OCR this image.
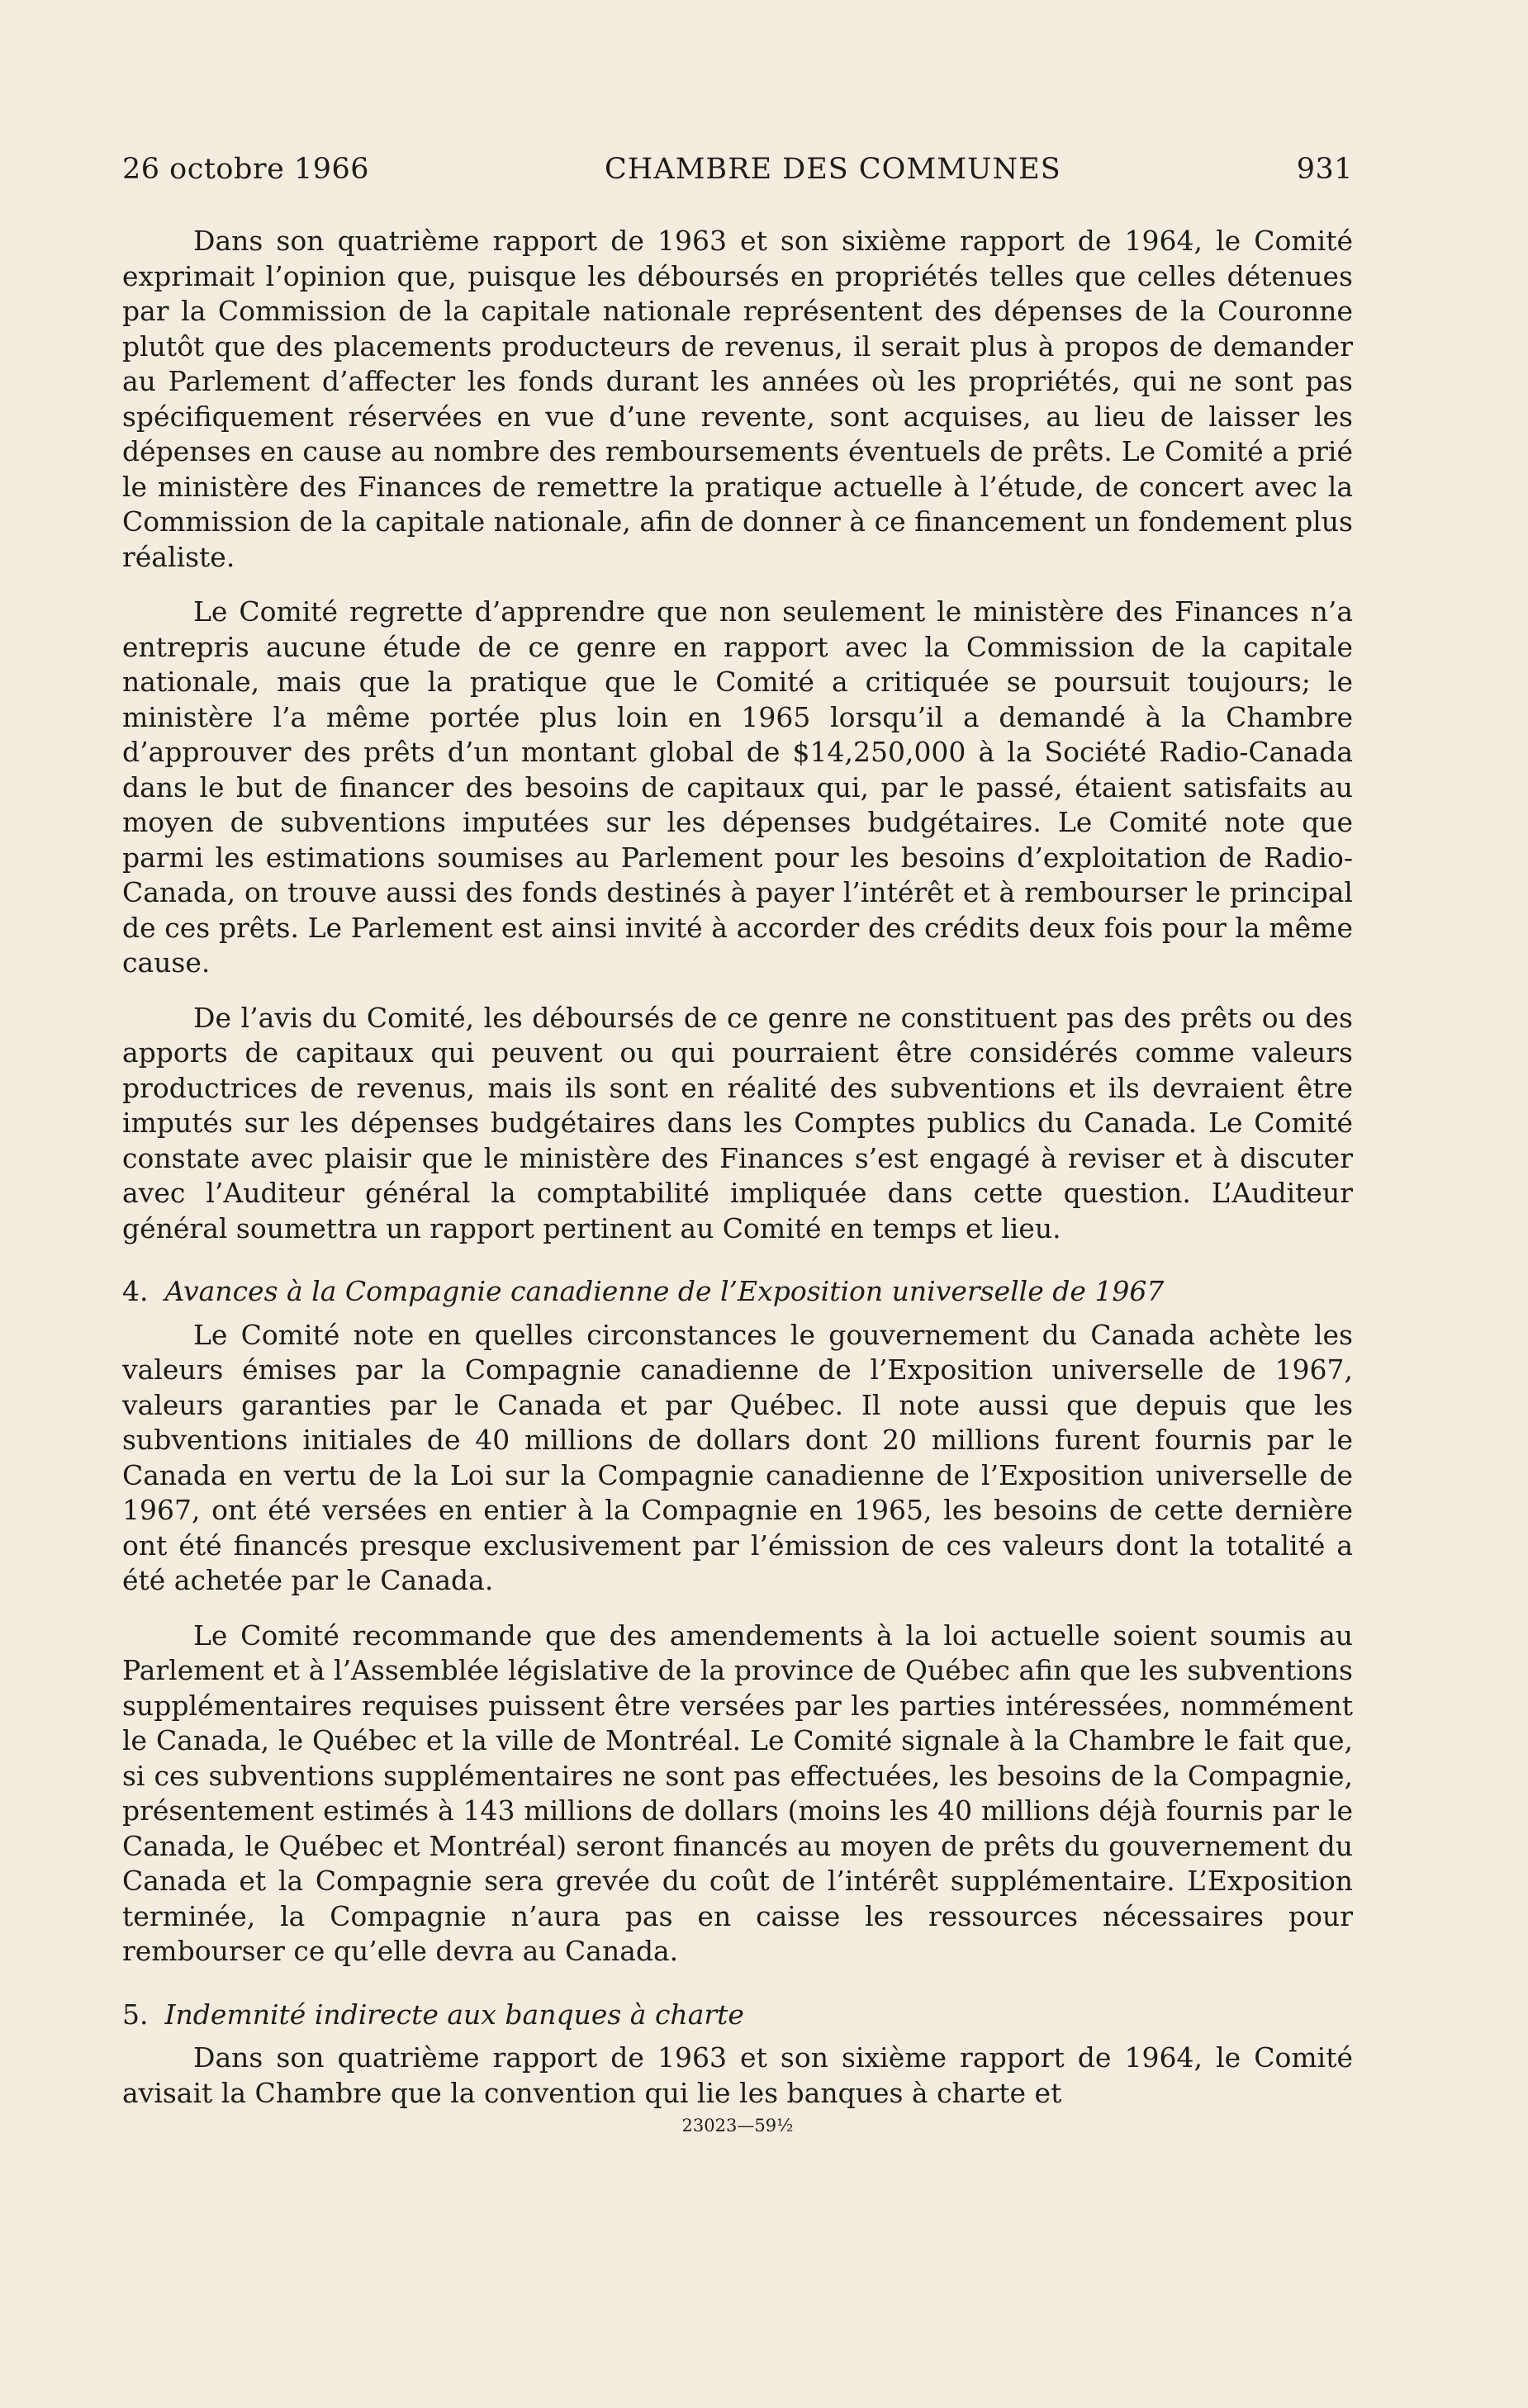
26 octobre 1966	CHAMBRE DES COMMUNES	931

Dans son quatrième rapport de 1963 et son sixième rapport de 1964, le Comité exprimait l’opinion que, puisque les déboursés en propriétés telles que celles détenues par la Commission de la capitale nationale représentent des dépenses de la Couronne plutôt que des placements producteurs de revenus, il serait plus à propos de demander au Parlement d’affecter les fonds durant les années où les propriétés, qui ne sont pas spécifiquement réservées en vue d’une revente, sont acquises, au lieu de laisser les dépenses en cause au nombre des remboursements éventuels de prêts. Le Comité a prié le ministère des Finances de remettre la pratique actuelle à l’étude, de concert avec la Commission de la capitale nationale, afin de donner à ce financement un fondement plus réaliste.

Le Comité regrette d’apprendre que non seulement le ministère des Finances n’a entrepris aucune étude de ce genre en rapport avec la Commission de la capitale nationale, mais que la pratique que le Comité a critiquée se poursuit toujours; le ministère l’a même portée plus loin en 1965 lorsqu’il a demandé à la Chambre d’approuver des prêts d’un montant global de $14,250,000 à la Société Radio-Canada dans le but de financer des besoins de capitaux qui, par le passé, étaient satisfaits au moyen de subventions imputées sur les dépenses budgétaires. Le Comité note que parmi les estimations soumises au Parlement pour les besoins d’exploitation de Radio-Canada, on trouve aussi des fonds destinés à payer l’intérêt et à rembourser le principal de ces prêts. Le Parlement est ainsi invité à accorder des crédits deux fois pour la même cause.

De l’avis du Comité, les déboursés de ce genre ne constituent pas des prêts ou des apports de capitaux qui peuvent ou qui pourraient être considérés comme valeurs productrices de revenus, mais ils sont en réalité des subventions et ils devraient être imputés sur les dépenses budgétaires dans les Comptes publics du Canada. Le Comité constate avec plaisir que le ministère des Finances s’est engagé à reviser et à discuter avec l’Auditeur général la comptabilité impliquée dans cette question. L’Auditeur général soumettra un rapport pertinent au Comité en temps et lieu.

4. Avances à la Compagnie canadienne de l’Exposition universelle de 1967

Le Comité note en quelles circonstances le gouvernement du Canada achète les valeurs émises par la Compagnie canadienne de l’Exposition universelle de 1967, valeurs garanties par le Canada et par Québec. Il note aussi que depuis que les subventions initiales de 40 millions de dollars dont 20 millions furent fournis par le Canada en vertu de la Loi sur la Compagnie canadienne de l’Exposition universelle de 1967, ont été versées en entier à la Compagnie en 1965, les besoins de cette dernière ont été financés presque exclusivement par l’émission de ces valeurs dont la totalité a été achetée par le Canada.

Le Comité recommande que des amendements à la loi actuelle soient soumis au Parlement et à l’Assemblée législative de la province de Québec afin que les subventions supplémentaires requises puissent être versées par les parties intéressées, nommément le Canada, le Québec et la ville de Montréal. Le Comité signale à la Chambre le fait que, si ces subventions supplémentaires ne sont pas effectuées, les besoins de la Compagnie, présentement estimés à 143 millions de dollars (moins les 40 millions déjà fournis par le Canada, le Québec et Montréal) seront financés au moyen de prêts du gouvernement du Canada et la Compagnie sera grevée du coût de l’intérêt supplémentaire. L’Exposition terminée, la Compagnie n’aura pas en caisse les ressources nécessaires pour rembourser ce qu’elle devra au Canada.

5. Indemnité indirecte aux banques à charte

Dans son quatrième rapport de 1963 et son sixième rapport de 1964, le Comité avisait la Chambre que la convention qui lie les banques à charte et

23023—59½
